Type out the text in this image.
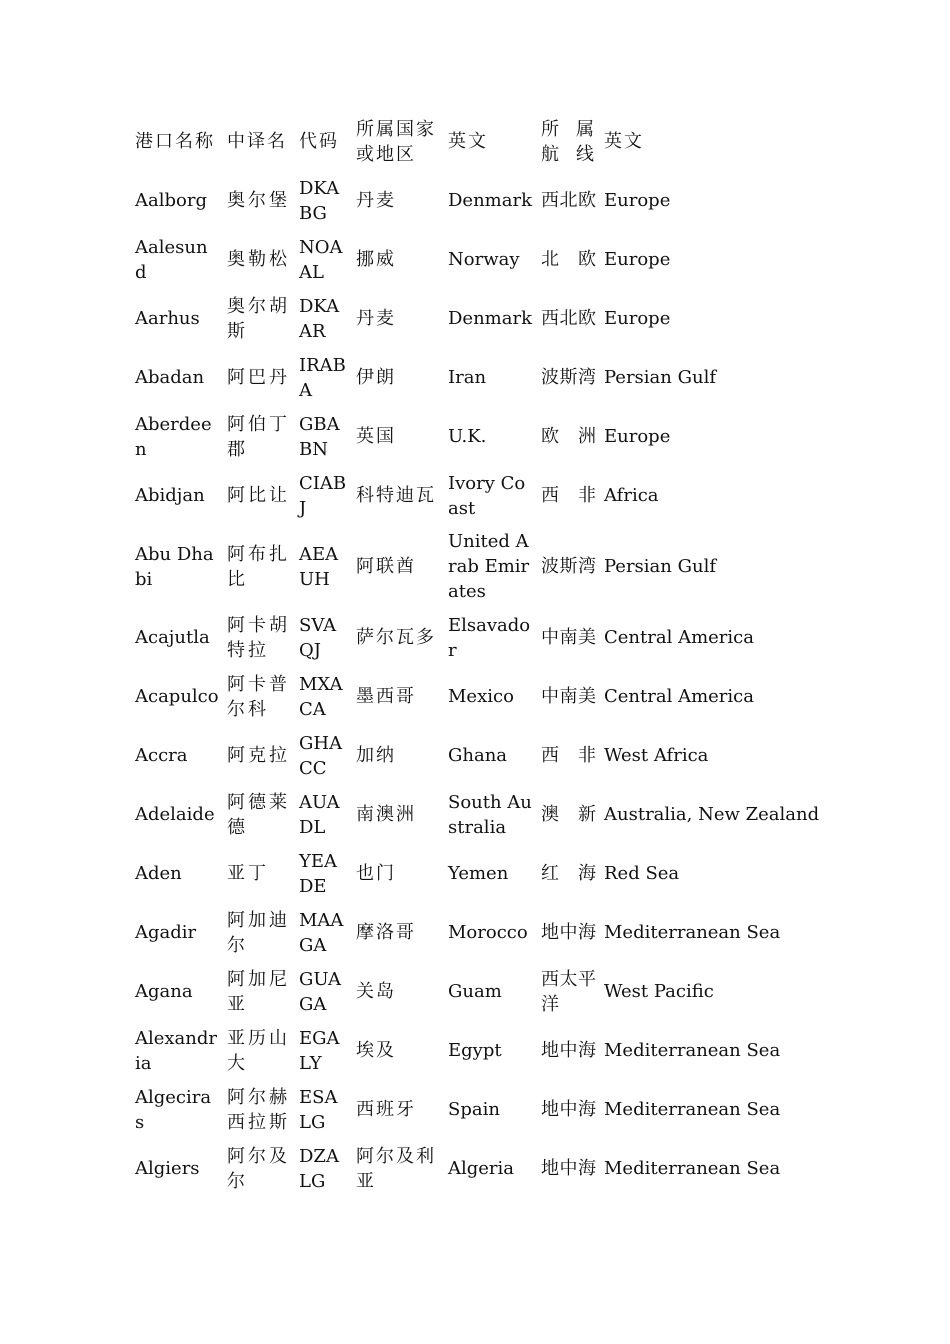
港口名称	中译名	代码	所属国家或地区	英文	所属航线	英文
Aalborg	奥尔堡	DKABG	丹麦	Denmark	西北欧	Europe
Aalesund	奥勒松	NOAAL	挪威	Norway	北欧	Europe
Aarhus	奥尔胡斯	DKAAR	丹麦	Denmark	西北欧	Europe
Abadan	阿巴丹	IRABA	伊朗	Iran	波斯湾	Persian Gulf
Aberdeen	阿伯丁郡	GBABN	英国	U.K.	欧洲	Europe
Abidjan	阿比让	CIABJ	科特迪瓦	Ivory Coast	西非	Africa
Abu Dhabi	阿布扎比	AEAUH	阿联酋	United Arab Emirates	波斯湾	Persian Gulf
Acajutla	阿卡胡特拉	SVAQJ	萨尔瓦多	Elsavador	中南美	Central America
Acapulco	阿卡普尔科	MXACA	墨西哥	Mexico	中南美	Central America
Accra	阿克拉	GHACC	加纳	Ghana	西非	West Africa
Adelaide	阿德莱德	AUADL	南澳洲	South Australia	澳新	Australia, New Zealand
Aden	亚丁	YEADE	也门	Yemen	红海	Red Sea
Agadir	阿加迪尔	MAAGA	摩洛哥	Morocco	地中海	Mediterranean Sea
Agana	阿加尼亚	GUAGA	关岛	Guam	西太平洋	West Pacific
Alexandria	亚历山大	EGALY	埃及	Egypt	地中海	Mediterranean Sea
Algeciras	阿尔赫西拉斯	ESALG	西班牙	Spain	地中海	Mediterranean Sea
Algiers	阿尔及尔	DZALG	阿尔及利亚	Algeria	地中海	Mediterranean Sea
